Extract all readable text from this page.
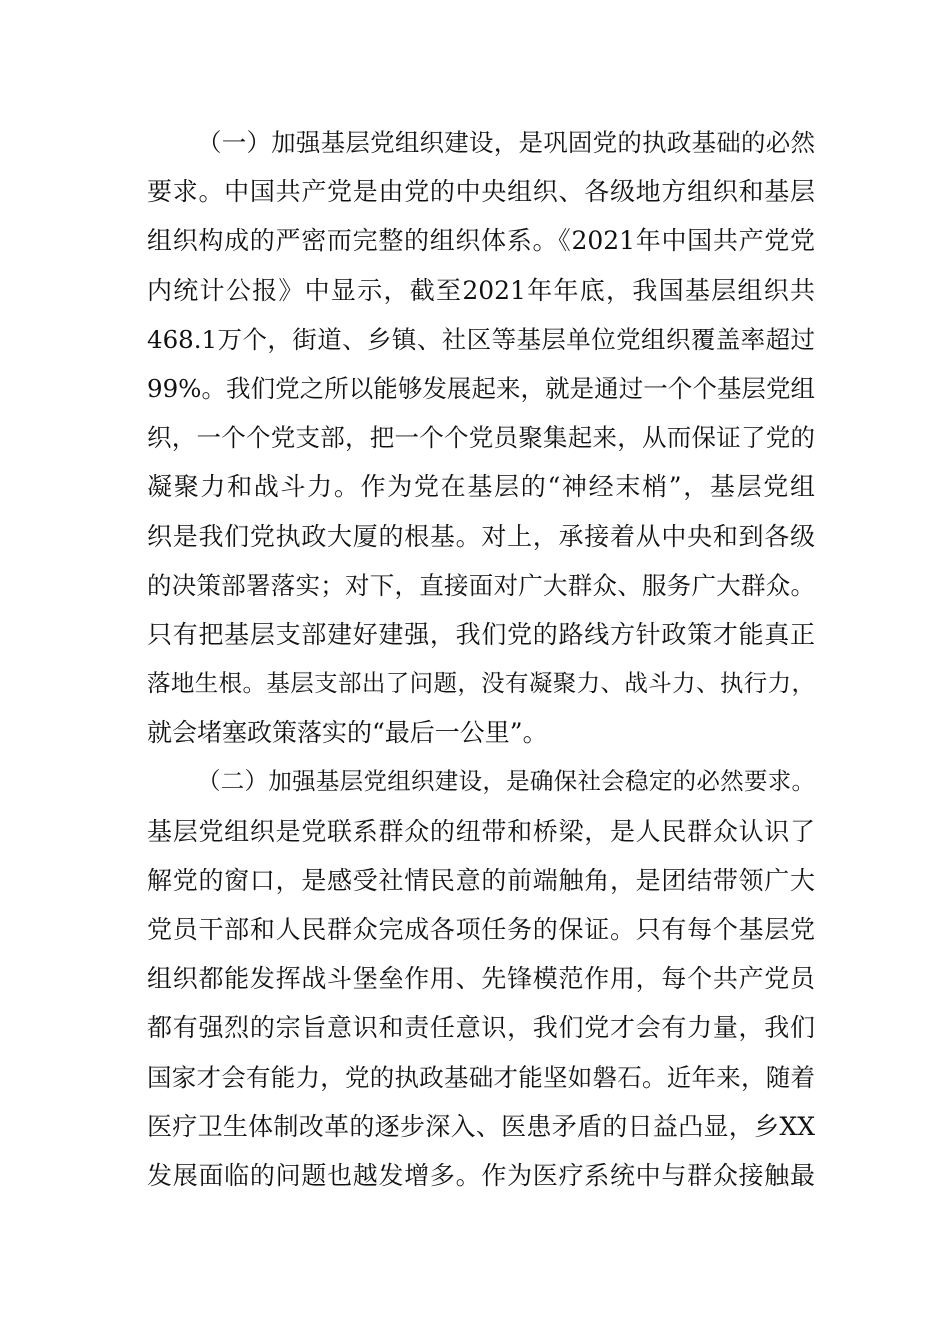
（一）加强基层党组织建设，是巩固党的执政基础的必然
要求。中国共产党是由党的中央组织、各级地方组织和基层
组织构成的严密而完整的组织体系。《2021年中国共产党党
内统计公报》中显示，截至2021年年底，我国基层组织共
468.1万个，街道、乡镇、社区等基层单位党组织覆盖率超过
99%。我们党之所以能够发展起来，就是通过一个个基层党组
织，一个个党支部，把一个个党员聚集起来，从而保证了党的
凝聚力和战斗力。作为党在基层的“神经末梢”，基层党组
织是我们党执政大厦的根基。对上，承接着从中央和到各级
的决策部署落实；对下，直接面对广大群众、服务广大群众。
只有把基层支部建好建强，我们党的路线方针政策才能真正
落地生根。基层支部出了问题，没有凝聚力、战斗力、执行力，
就会堵塞政策落实的“最后一公里”。
（二）加强基层党组织建设，是确保社会稳定的必然要求。
基层党组织是党联系群众的纽带和桥梁，是人民群众认识了
解党的窗口，是感受社情民意的前端触角，是团结带领广大
党员干部和人民群众完成各项任务的保证。只有每个基层党
组织都能发挥战斗堡垒作用、先锋模范作用，每个共产党员
都有强烈的宗旨意识和责任意识，我们党才会有力量，我们
国家才会有能力，党的执政基础才能坚如磐石。近年来，随着
医疗卫生体制改革的逐步深入、医患矛盾的日益凸显，乡XX
发展面临的问题也越发增多。作为医疗系统中与群众接触最
